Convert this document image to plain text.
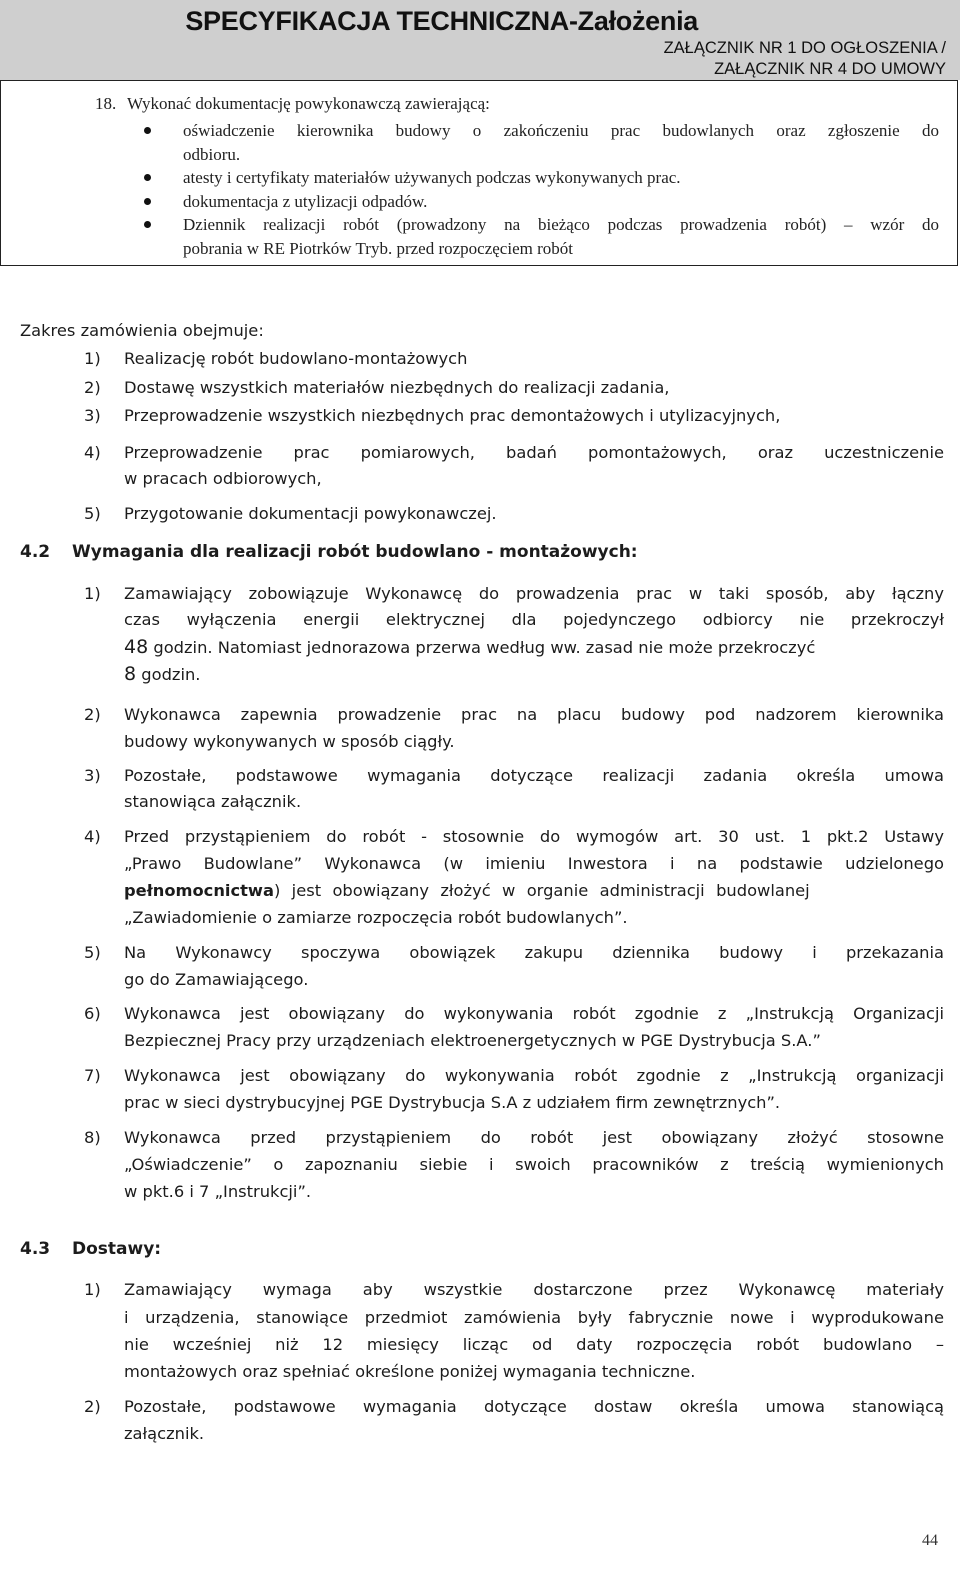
SPECYFIKACJA TECHNICZNA-Założenia
ZAŁĄCZNIK NR 1 DO OGŁOSZENIA /
ZAŁĄCZNIK NR 4 DO UMOWY
18. Wykonać dokumentację powykonawczą zawierającą:
oświadczenie kierownika budowy o zakończeniu prac budowlanych oraz zgłoszenie do
odbioru.
atesty i certyfikaty materiałów używanych podczas wykonywanych prac.
dokumentacja z utylizacji odpadów.
Dziennik realizacji robót (prowadzony na bieżąco podczas prowadzenia robót) – wzór do
pobrania w RE Piotrków Tryb. przed rozpoczęciem robót
Zakres zamówienia obejmuje:
1) Realizację robót budowlano-montażowych
2) Dostawę wszystkich materiałów niezbędnych do realizacji zadania,
3) Przeprowadzenie wszystkich niezbędnych prac demontażowych i utylizacyjnych,
4) Przeprowadzenie prac pomiarowych, badań pomontażowych, oraz uczestniczenie
w pracach odbiorowych,
5) Przygotowanie dokumentacji powykonawczej.
4.2 Wymagania dla realizacji robót budowlano - montażowych:
1) Zamawiający zobowiązuje Wykonawcę do prowadzenia prac w taki sposób, aby łączny
czas wyłączenia energii elektrycznej dla pojedynczego odbiorcy nie przekroczył
48 godzin. Natomiast jednorazowa przerwa według ww. zasad nie może przekroczyć
8 godzin.
2) Wykonawca zapewnia prowadzenie prac na placu budowy pod nadzorem kierownika
budowy wykonywanych w sposób ciągły.
3) Pozostałe, podstawowe wymagania dotyczące realizacji zadania określa umowa
stanowiąca załącznik.
4) Przed przystąpieniem do robót - stosownie do wymogów art. 30 ust. 1 pkt.2 Ustawy
„Prawo Budowlane” Wykonawca (w imieniu Inwestora i na podstawie udzielonego
pełnomocnictwa) jest obowiązany złożyć w organie administracji budowlanej
„Zawiadomienie o zamiarze rozpoczęcia robót budowlanych”.
5) Na Wykonawcy spoczywa obowiązek zakupu dziennika budowy i przekazania
go do Zamawiającego.
6) Wykonawca jest obowiązany do wykonywania robót zgodnie z „Instrukcją Organizacji
Bezpiecznej Pracy przy urządzeniach elektroenergetycznych w PGE Dystrybucja S.A.”
7) Wykonawca jest obowiązany do wykonywania robót zgodnie z „Instrukcją organizacji
prac w sieci dystrybucyjnej PGE Dystrybucja S.A z udziałem firm zewnętrznych”.
8) Wykonawca przed przystąpieniem do robót jest obowiązany złożyć stosowne
„Oświadczenie” o zapoznaniu siebie i swoich pracowników z treścią wymienionych
w pkt.6 i 7 „Instrukcji”.
4.3 Dostawy:
1) Zamawiający wymaga aby wszystkie dostarczone przez Wykonawcę materiały
i urządzenia, stanowiące przedmiot zamówienia były fabrycznie nowe i wyprodukowane
nie wcześniej niż 12 miesięcy licząc od daty rozpoczęcia robót budowlano –
montażowych oraz spełniać określone poniżej wymagania techniczne.
2) Pozostałe, podstawowe wymagania dotyczące dostaw określa umowa stanowiącą
załącznik.
44
